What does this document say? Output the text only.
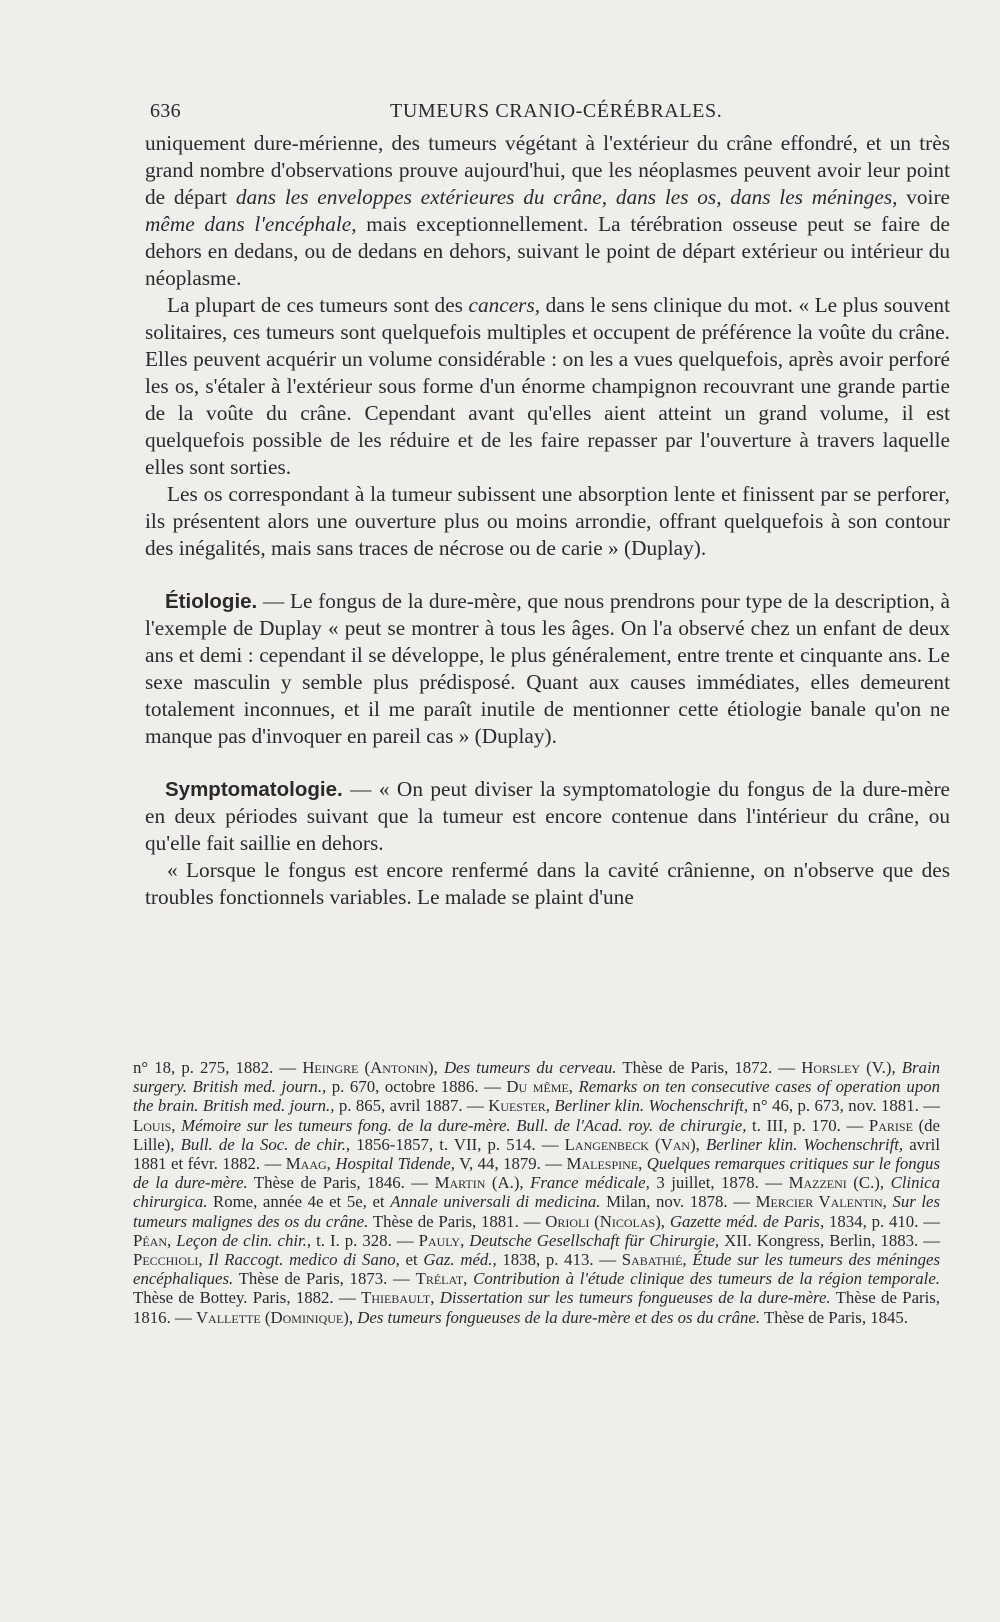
636	TUMEURS CRANIO-CÉRÉBRALES.

uniquement dure-mérienne, des tumeurs végétant à l'extérieur du crâne effondré, et un très grand nombre d'observations prouve aujourd'hui, que les néoplasmes peuvent avoir leur point de départ dans les enveloppes extérieures du crâne, dans les os, dans les méninges, voire même dans l'encéphale, mais exceptionnellement. La térébration osseuse peut se faire de dehors en dedans, ou de dedans en dehors, suivant le point de départ extérieur ou intérieur du néoplasme.

La plupart de ces tumeurs sont des cancers, dans le sens clinique du mot. « Le plus souvent solitaires, ces tumeurs sont quelquefois multiples et occupent de préférence la voûte du crâne. Elles peuvent acquérir un volume considérable : on les a vues quelquefois, après avoir perforé les os, s'étaler à l'extérieur sous forme d'un énorme champignon recouvrant une grande partie de la voûte du crâne. Cependant avant qu'elles aient atteint un grand volume, il est quelquefois possible de les réduire et de les faire repasser par l'ouverture à travers laquelle elles sont sorties.

Les os correspondant à la tumeur subissent une absorption lente et finissent par se perforer, ils présentent alors une ouverture plus ou moins arrondie, offrant quelquefois à son contour des inégalités, mais sans traces de nécrose ou de carie » (Duplay).

Étiologie. — Le fongus de la dure-mère, que nous prendrons pour type de la description, à l'exemple de Duplay « peut se montrer à tous les âges. On l'a observé chez un enfant de deux ans et demi : cependant il se développe, le plus généralement, entre trente et cinquante ans. Le sexe masculin y semble plus prédisposé. Quant aux causes immédiates, elles demeurent totalement inconnues, et il me paraît inutile de mentionner cette étiologie banale qu'on ne manque pas d'invoquer en pareil cas » (Duplay).

Symptomatologie. — « On peut diviser la symptomatologie du fongus de la dure-mère en deux périodes suivant que la tumeur est encore contenue dans l'intérieur du crâne, ou qu'elle fait saillie en dehors.

« Lorsque le fongus est encore renfermé dans la cavité crânienne, on n'observe que des troubles fonctionnels variables. Le malade se plaint d'une

n° 18, p. 275, 1882. — Heingre (Antonin), Des tumeurs du cerveau. Thèse de Paris, 1872. — Horsley (V.), Brain surgery. British med. journ., p. 670, octobre 1886. — Du même, Remarks on ten consecutive cases of operation upon the brain. British med. journ., p. 865, avril 1887. — Kuester, Berliner klin. Wochenschrift, n° 46, p. 673, nov. 1881. — Louis, Mémoire sur les tumeurs fong. de la dure-mère. Bull. de l'Acad. roy. de chirurgie, t. III, p. 170. — Parise (de Lille), Bull. de la Soc. de chir., 1856-1857, t. VII, p. 514. — Langenbeck (Van), Berliner klin. Wochenschrift, avril 1881 et févr. 1882. — Maag, Hospital Tidende, V, 44, 1879. — Malespine, Quelques remarques critiques sur le fongus de la dure-mère. Thèse de Paris, 1846. — Martin (A.), France médicale, 3 juillet, 1878. — Mazzeni (C.), Clinica chirurgica. Rome, année 4e et 5e, et Annale universali di medicina. Milan, nov. 1878. — Mercier Valentin, Sur les tumeurs malignes des os du crâne. Thèse de Paris, 1881. — Orioli (Nicolas), Gazette méd. de Paris, 1834, p. 410. — Péan, Leçon de clin. chir., t. I. p. 328. — Pauly, Deutsche Gesellschaft für Chirurgie, XII. Kongress, Berlin, 1883. — Pecchioli, Il Raccogt. medico di Sano, et Gaz. méd., 1838, p. 413. — Sabathié, Étude sur les tumeurs des méninges encéphaliques. Thèse de Paris, 1873. — Trélat, Contribution à l'étude clinique des tumeurs de la région temporale. Thèse de Bottey. Paris, 1882. — Thiebault, Dissertation sur les tumeurs fongueuses de la dure-mère. Thèse de Paris, 1816. — Vallette (Dominique), Des tumeurs fongueuses de la dure-mère et des os du crâne. Thèse de Paris, 1845.
